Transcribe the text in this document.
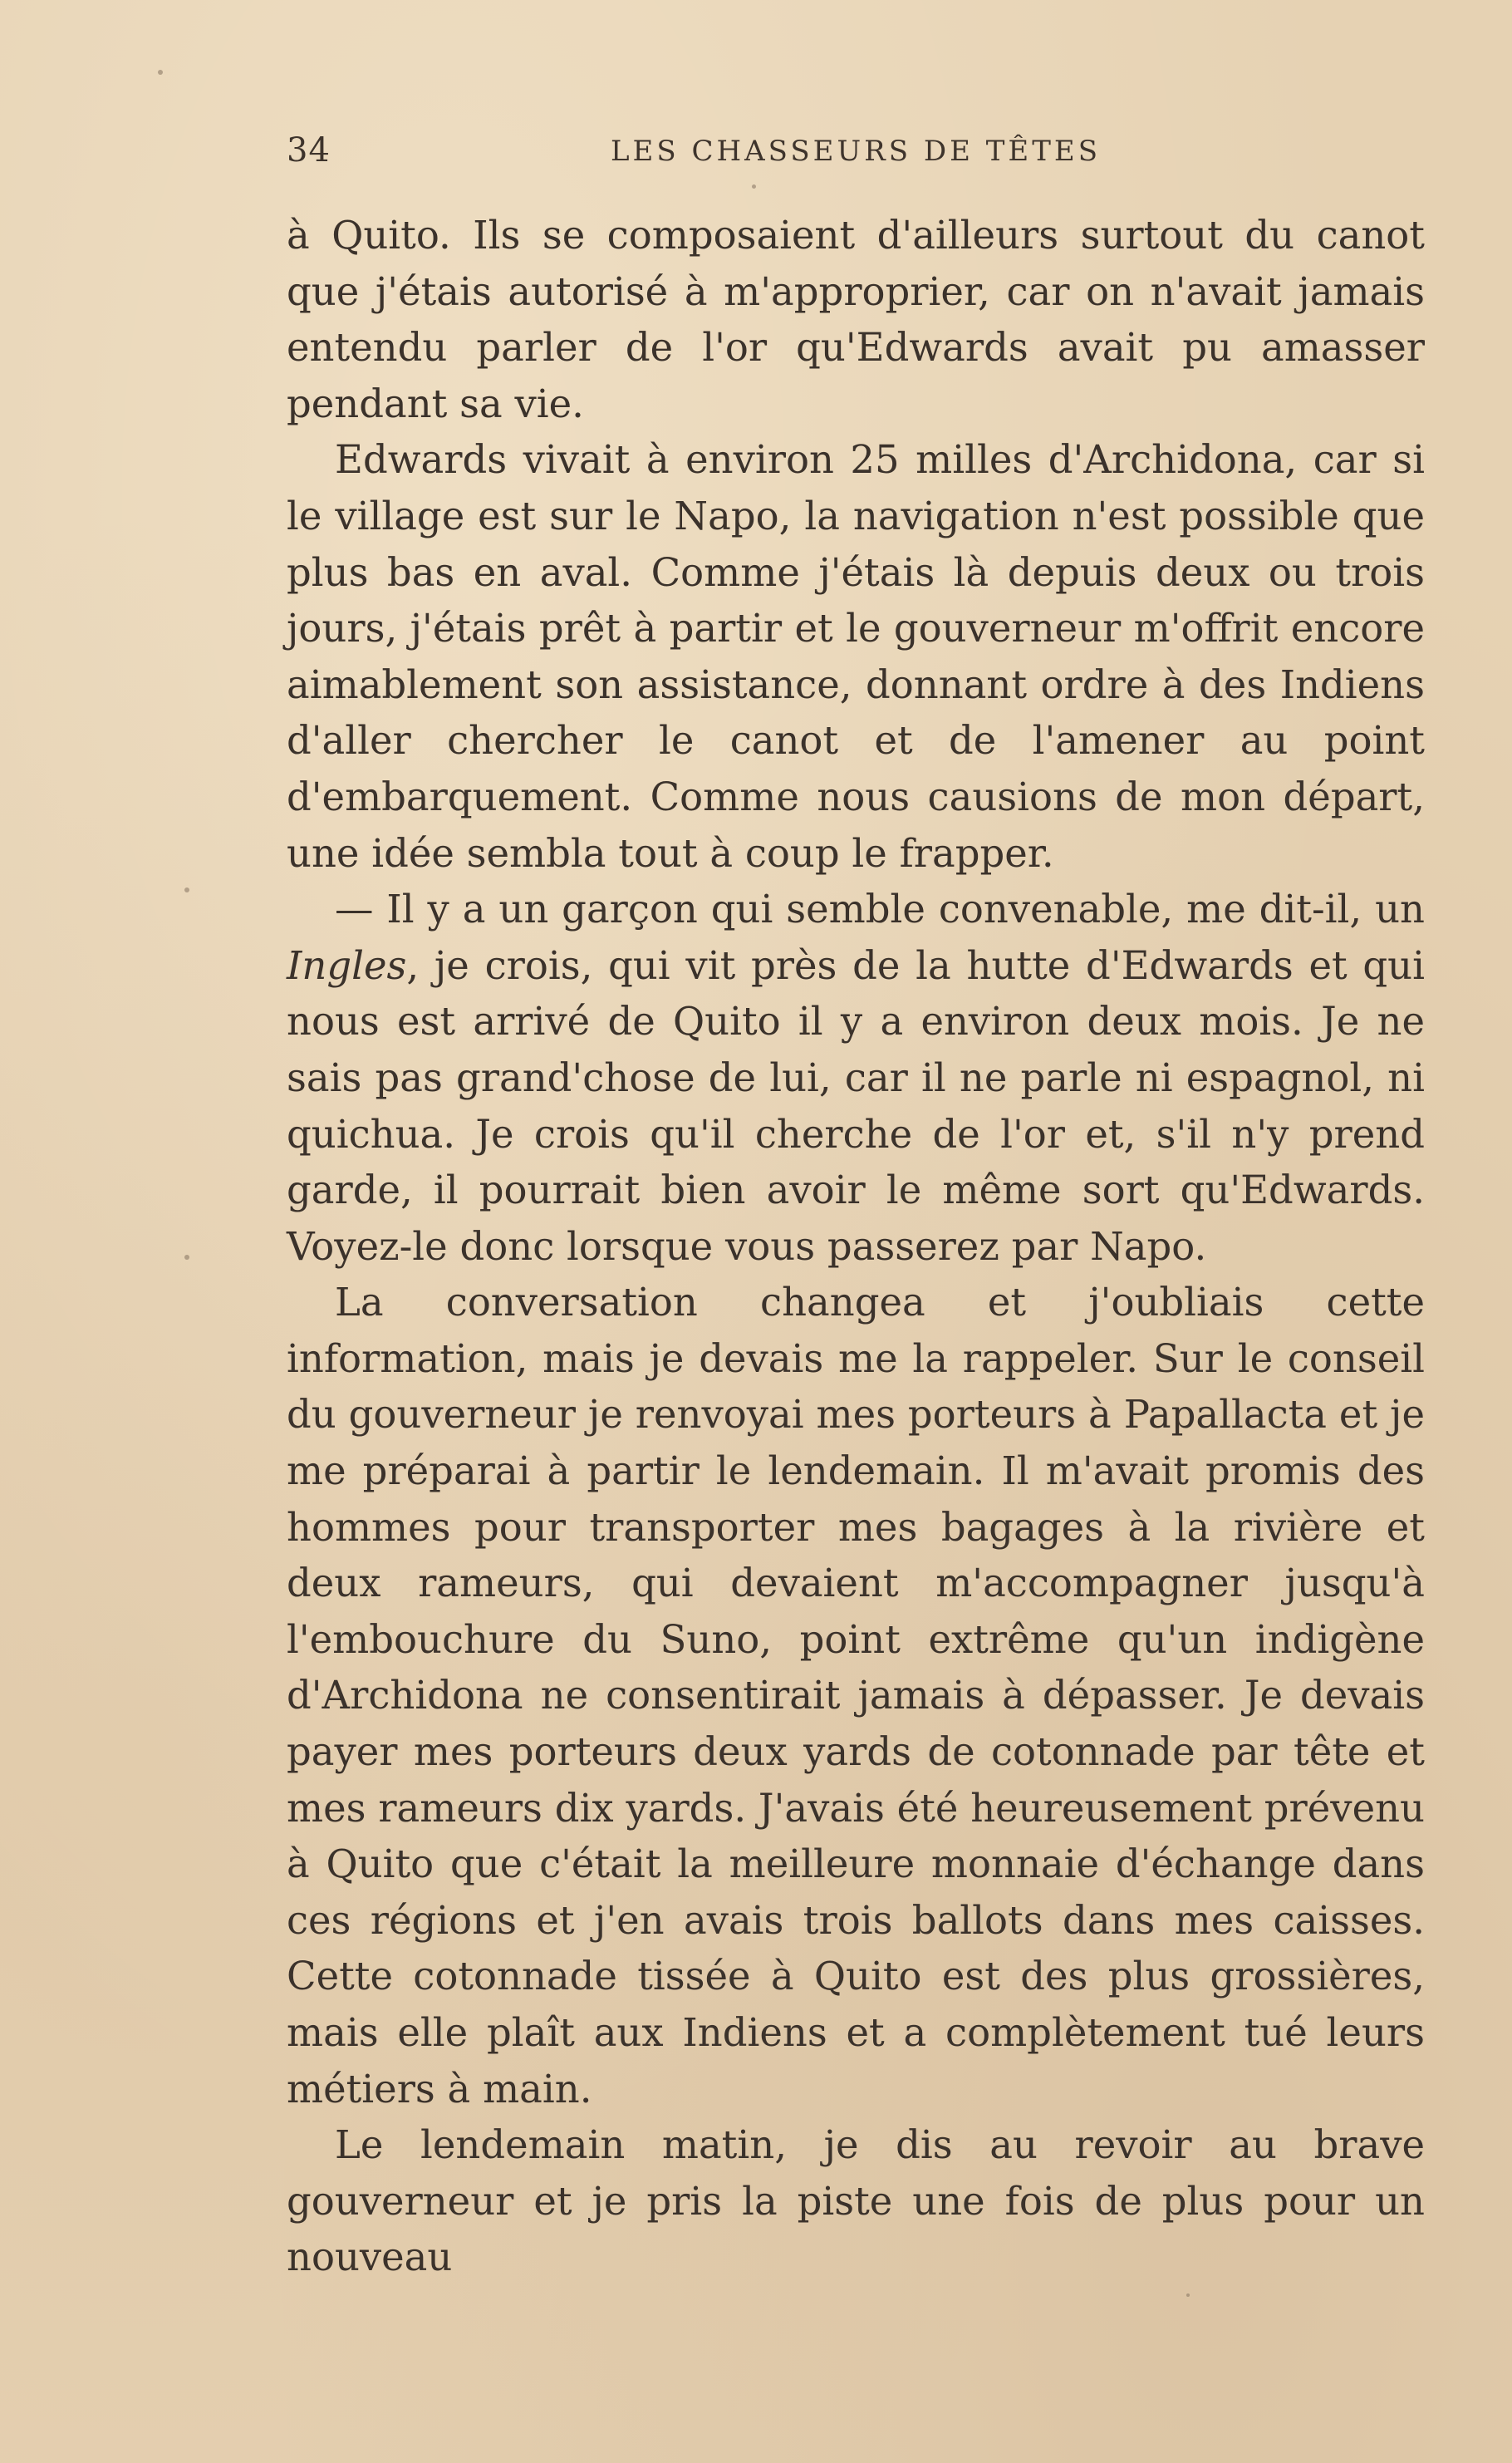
34	LES CHASSEURS DE TÊTES

à Quito. Ils se composaient d'ailleurs surtout du canot que j'étais autorisé à m'approprier, car on n'avait jamais entendu parler de l'or qu'Edwards avait pu amasser pendant sa vie.

Edwards vivait à environ 25 milles d'Archidona, car si le village est sur le Napo, la navigation n'est possible que plus bas en aval. Comme j'étais là depuis deux ou trois jours, j'étais prêt à partir et le gouverneur m'offrit encore aimablement son assistance, donnant ordre à des Indiens d'aller chercher le canot et de l'amener au point d'embarquement. Comme nous causions de mon départ, une idée sembla tout à coup le frapper.

— Il y a un garçon qui semble convenable, me dit-il, un Ingles, je crois, qui vit près de la hutte d'Edwards et qui nous est arrivé de Quito il y a environ deux mois. Je ne sais pas grand'chose de lui, car il ne parle ni espagnol, ni quichua. Je crois qu'il cherche de l'or et, s'il n'y prend garde, il pourrait bien avoir le même sort qu'Edwards. Voyez-le donc lorsque vous passerez par Napo.

La conversation changea et j'oubliais cette information, mais je devais me la rappeler. Sur le conseil du gouverneur je renvoyai mes porteurs à Papallacta et je me préparai à partir le lendemain. Il m'avait promis des hommes pour transporter mes bagages à la rivière et deux rameurs, qui devaient m'accompagner jusqu'à l'embouchure du Suno, point extrême qu'un indigène d'Archidona ne consentirait jamais à dépasser. Je devais payer mes porteurs deux yards de cotonnade par tête et mes rameurs dix yards. J'avais été heureusement prévenu à Quito que c'était la meilleure monnaie d'échange dans ces régions et j'en avais trois ballots dans mes caisses. Cette cotonnade tissée à Quito est des plus grossières, mais elle plaît aux Indiens et a complètement tué leurs métiers à main.

Le lendemain matin, je dis au revoir au brave gouverneur et je pris la piste une fois de plus pour un nouveau
